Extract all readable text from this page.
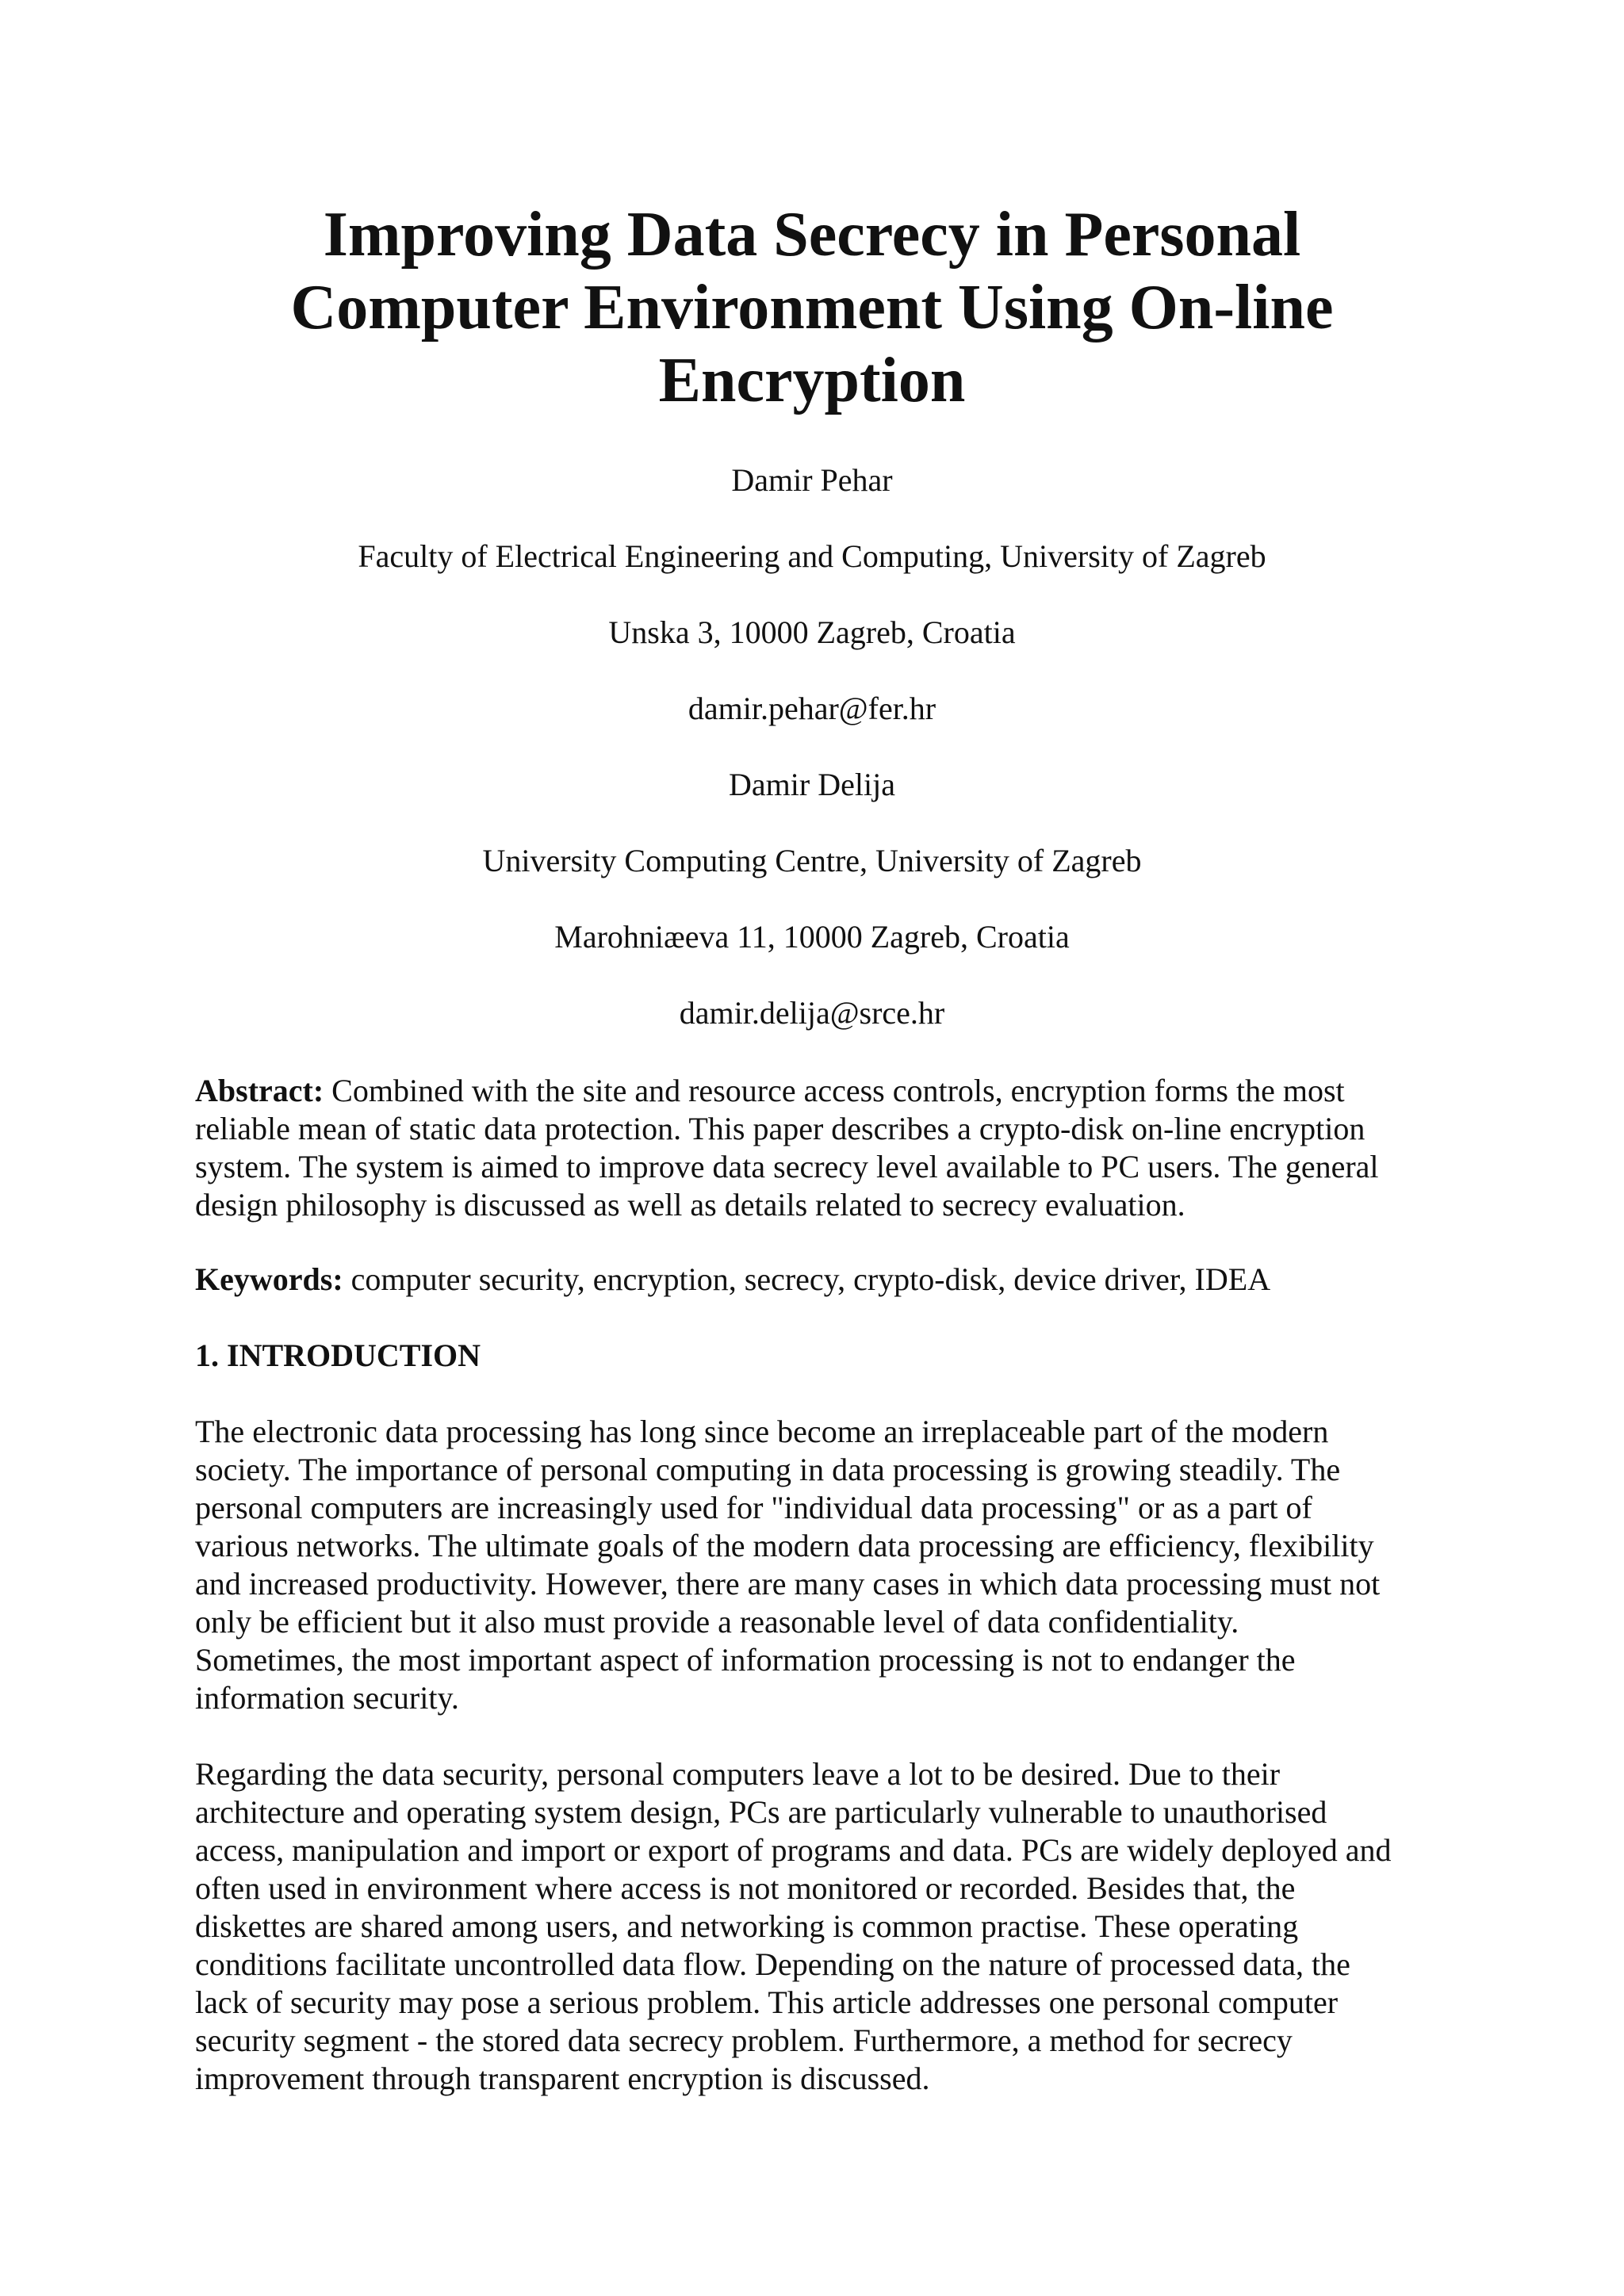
Improving Data Secrecy in Personal
Computer Environment Using On-line
Encryption

Damir Pehar

Faculty of Electrical Engineering and Computing, University of Zagreb

Unska 3, 10000 Zagreb, Croatia

damir.pehar@fer.hr

Damir Delija

University Computing Centre, University of Zagreb

Marohniæeva 11, 10000 Zagreb, Croatia

damir.delija@srce.hr

Abstract: Combined with the site and resource access controls, encryption forms the most
reliable mean of static data protection. This paper describes a crypto-disk on-line encryption
system. The system is aimed to improve data secrecy level available to PC users. The general
design philosophy is discussed as well as details related to secrecy evaluation.
Keywords: computer security, encryption, secrecy, crypto-disk, device driver, IDEA

1. INTRODUCTION

The electronic data processing has long since become an irreplaceable part of the modern
society. The importance of personal computing in data processing is growing steadily. The
personal computers are increasingly used for "individual data processing" or as a part of
various networks. The ultimate goals of the modern data processing are efficiency, flexibility
and increased productivity. However, there are many cases in which data processing must not
only be efficient but it also must provide a reasonable level of data confidentiality.
Sometimes, the most important aspect of information processing is not to endanger the
information security.
Regarding the data security, personal computers leave a lot to be desired. Due to their
architecture and operating system design, PCs are particularly vulnerable to unauthorised
access, manipulation and import or export of programs and data. PCs are widely deployed and
often used in environment where access is not monitored or recorded. Besides that, the
diskettes are shared among users, and networking is common practise. These operating
conditions facilitate uncontrolled data flow. Depending on the nature of processed data, the
lack of security may pose a serious problem. This article addresses one personal computer
security segment - the stored data secrecy problem. Furthermore, a method for secrecy
improvement through transparent encryption is discussed.
